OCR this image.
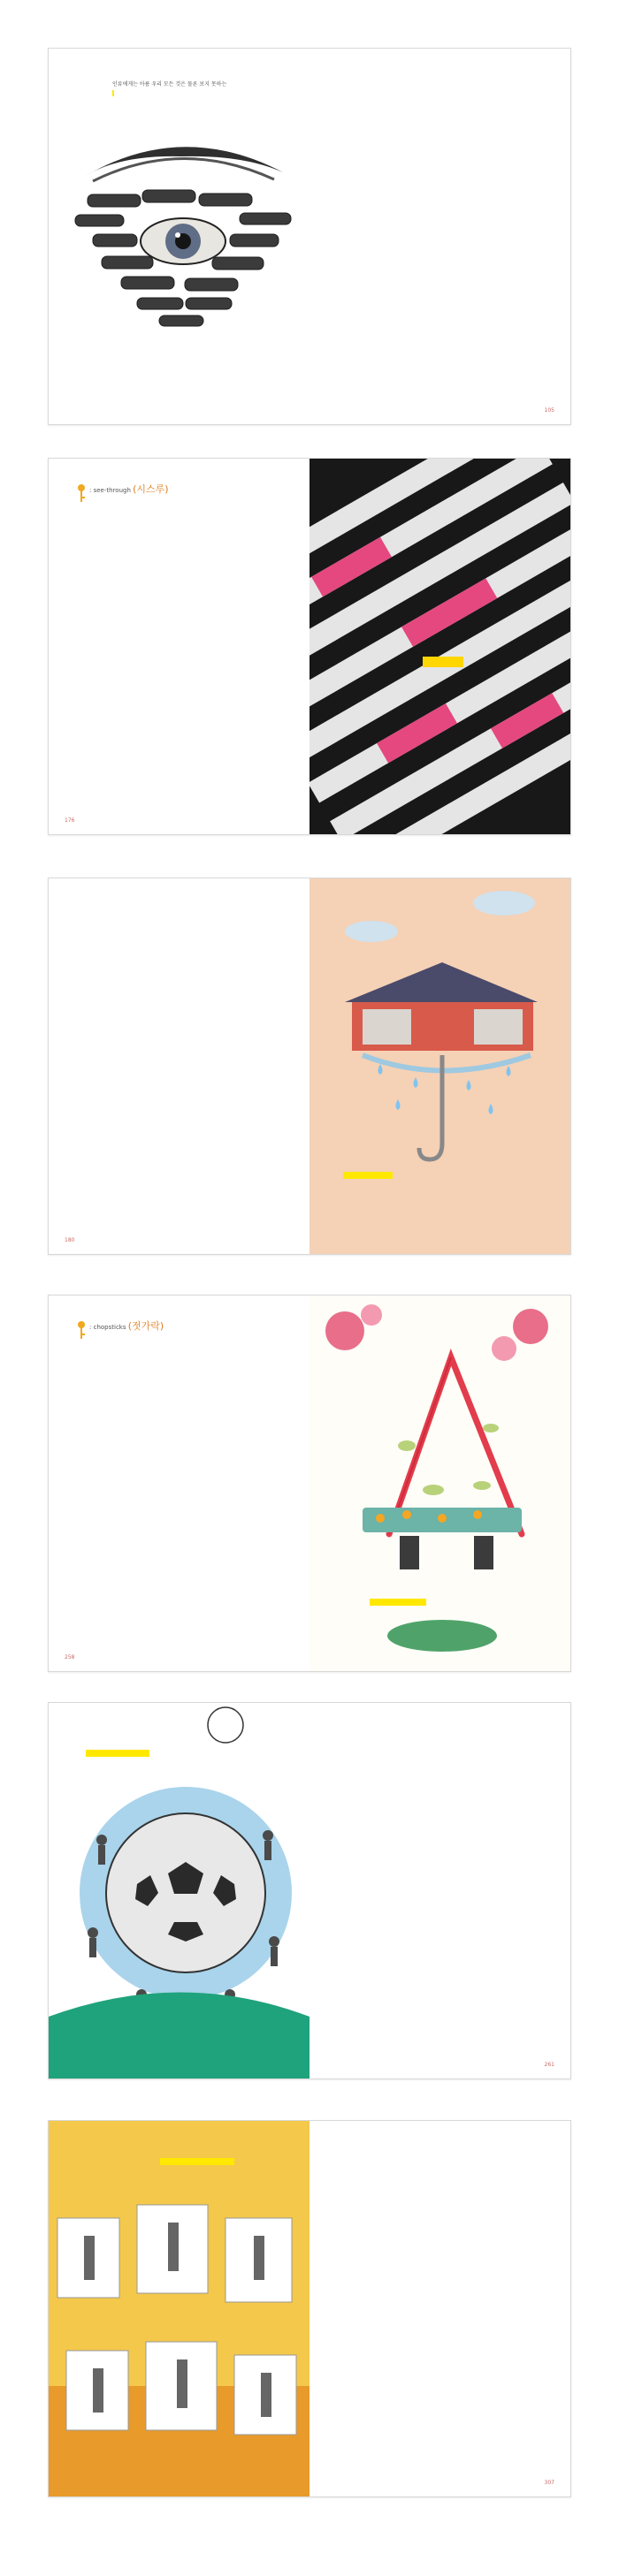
인류에게는 아름 우리 모든 것은 물론 보지 못하는
105
: see-through (시스루)
176
180
: chopsticks (젓가락)
258
261
307
